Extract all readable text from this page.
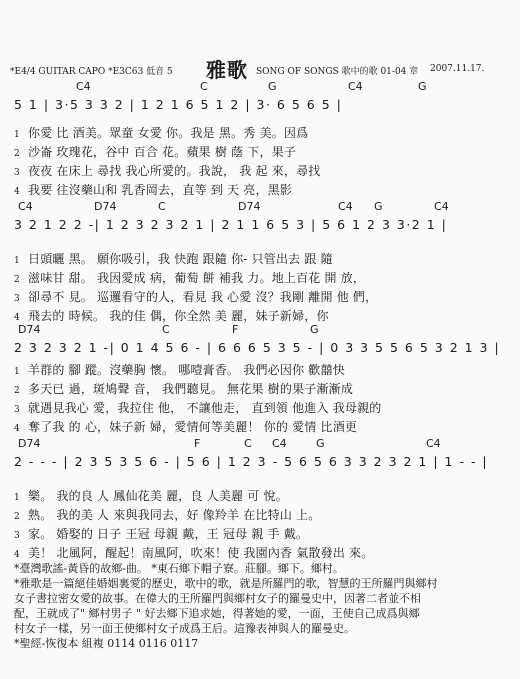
*E4/4 GUITAR CAPO *E3C63 低音 5 雅歌 SONG OF SONGS 歌中的歌 01-04 章 2007.11.17.
C4	C	G	C4	G
5 1 | 3·5 3 3 2 | 1 2 1 6 5 1 2 | 3· 6 5 6 5 |
1 你愛 比 酒美。眾童 女愛 你。我是 黑。秀 美。因爲
2 沙崙 玫瑰花，谷中 百合 花。蘋果 樹 蔭 下，果子
3 夜夜 在床上 尋找 我心所愛的。我說， 我 起 來，尋找
4 我要 往沒藥山和 乳香岡去，直等 到 天 亮，黑影
C4	D74	C	D74	C4 G	C4
3 2 1 2 2 -| 1 2 3 2 3 2 1 | 2 1 1 6 5 3 | 5 6 1 2 3 3·2 1 |
1 日頭曬 黑。 願你吸引，我 快跑 跟隨 你- 只管出去 跟 隨
2 滋味甘 甜。 我因愛成 病，葡萄 餅 補我 力。地上百花 開 放，
3 卻尋不 見。 巡邏看守的人，看見 我 心愛 沒？我剛 離開 他 們，
4 飛去的 時候。 我的佳 偶，你全然 美 麗，妹子新婦，你
D74	C	F	G
2 3 2 3 2 1 -| 0 1 4 5 6 - | 6 6 6 5 3 5 - | 0 3 3 5 5 6 5 3 2 1 3 |
1 羊群的 腳 蹤。沒藥胸 懷。 哪噎膏香。 我們必因你 歡囍快
2 多天已 過，斑鳩聲 音， 我們聽見。 無花果 樹的果子漸漸成
3 就遇見我心 愛，我拉住 他， 不讓他走， 直到領 他進入 我母親的
4 奪了我 的 心，妹子新 婦，愛情何等美麗！ 你的 愛情 比酒更
D74	F	C C4	G	C4
2 - - - | 2 3 5 3 5 6 - | 5 6 | 1 2 3 - 5 6 5 6 3 3 2 3 2 1 | 1 - - |
1 樂。 我的良 人 鳳仙花美 麗，良 人美麗 可 悅。
2 熟。 我的美 人 來與我同去，好 像羚羊 在比特山 上。
3 家。 婚娶的 日子 王冠 母親 戴，王 冠母 親 手 戴。
4 美！ 北風阿，醒起！南風阿，吹來！使 我園內香 氣散發出 來。
*臺灣歌謠-黃昏的故鄉-曲。 *東石鄉下帽子寮。莊腳。鄉下。鄉村。
*雅歌是一篇絕佳婚姻裏愛的歷史，歌中的歌，就是所羅門的歌，智慧的王所羅門與鄉村
女子書拉密女愛的故事。在偉大的王所羅門與鄉村女子的羅曼史中，因著二者並不相
配，王就成了" 鄉村男子 " 好去鄉下追求她，得著她的愛，一面，王使自己成爲與鄉
村女子一樣，另一面王使鄉村女子成爲王后。這豫表神與人的羅曼史。
*聖經-恢復本 組複 0114 0116 0117
